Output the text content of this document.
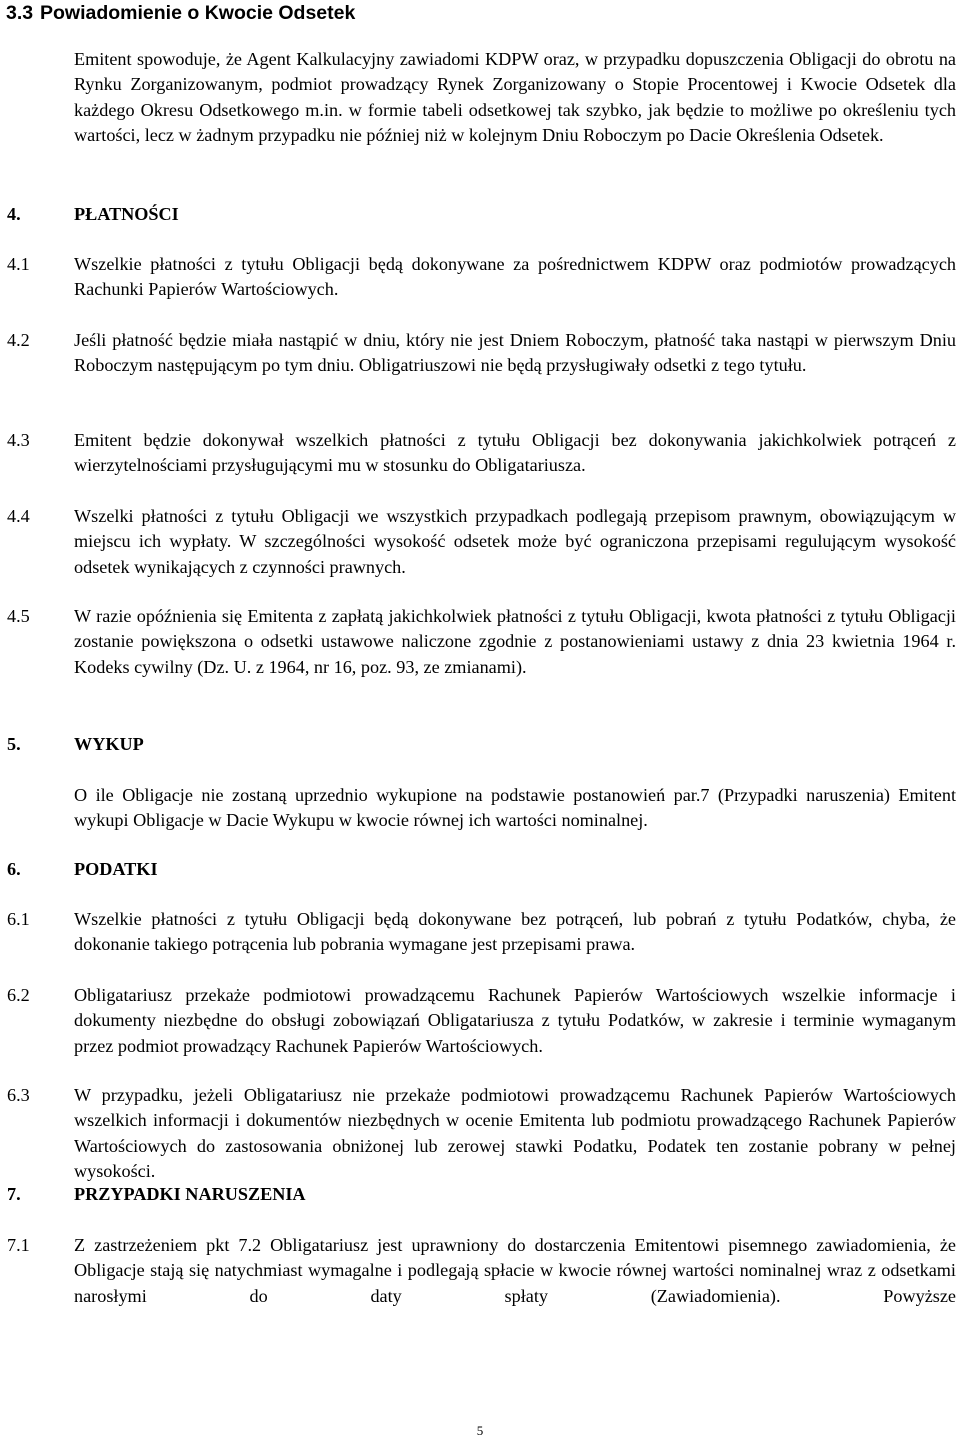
3.3 Powiadomienie o Kwocie Odsetek
Emitent spowoduje, że Agent Kalkulacyjny zawiadomi KDPW oraz, w przypadku dopuszczenia Obligacji do obrotu na Rynku Zorganizowanym, podmiot prowadzący Rynek Zorganizowany o Stopie Procentowej i Kwocie Odsetek dla każdego Okresu Odsetkowego m.in. w formie tabeli odsetkowej tak szybko, jak będzie to możliwe po określeniu tych wartości, lecz w żadnym przypadku nie później niż w kolejnym Dniu Roboczym po Dacie Określenia Odsetek.
4.	PŁATNOŚCI
4.1 Wszelkie płatności z tytułu Obligacji będą dokonywane za pośrednictwem KDPW oraz podmiotów prowadzących Rachunki Papierów Wartościowych.
4.2 Jeśli płatność będzie miała nastąpić w dniu, który nie jest Dniem Roboczym, płatność taka nastąpi w pierwszym Dniu Roboczym następującym po tym dniu. Obligatriuszowi nie będą przysługiwały odsetki z tego tytułu.
4.3 Emitent będzie dokonywał wszelkich płatności z tytułu Obligacji bez dokonywania jakichkolwiek potrąceń z wierzytelnościami przysługującymi mu w stosunku do Obligatariusza.
4.4 Wszelki płatności z tytułu Obligacji we wszystkich przypadkach podlegają przepisom prawnym, obowiązującym w miejscu ich wypłaty. W szczególności wysokość odsetek może być ograniczona przepisami regulującym wysokość odsetek wynikających z czynności prawnych.
4.5 W razie opóźnienia się Emitenta z zapłatą jakichkolwiek płatności z tytułu Obligacji, kwota płatności z tytułu Obligacji zostanie powiększona o odsetki ustawowe naliczone zgodnie z postanowieniami ustawy z dnia 23 kwietnia 1964 r. Kodeks cywilny (Dz. U. z 1964, nr 16, poz. 93, ze zmianami).
5.	WYKUP
O ile Obligacje nie zostaną uprzednio wykupione na podstawie postanowień par.7 (Przypadki naruszenia) Emitent wykupi Obligacje w Dacie Wykupu w kwocie równej ich wartości nominalnej.
6.	PODATKI
6.1 Wszelkie płatności z tytułu Obligacji będą dokonywane bez potrąceń, lub pobrań z tytułu Podatków, chyba, że dokonanie takiego potrącenia lub pobrania wymagane jest przepisami prawa.
6.2 Obligatariusz przekaże podmiotowi prowadzącemu Rachunek Papierów Wartościowych wszelkie informacje i dokumenty niezbędne do obsługi zobowiązań Obligatariusza z tytułu Podatków, w zakresie i terminie wymaganym przez podmiot prowadzący Rachunek Papierów Wartościowych.
6.3 W przypadku, jeżeli Obligatariusz nie przekaże podmiotowi prowadzącemu Rachunek Papierów Wartościowych wszelkich informacji i dokumentów niezbędnych w ocenie Emitenta lub podmiotu prowadzącego Rachunek Papierów Wartościowych do zastosowania obniżonej lub zerowej stawki Podatku, Podatek ten zostanie pobrany w pełnej wysokości.
7.	PRZYPADKI NARUSZENIA
7.1 Z zastrzeżeniem pkt 7.2 Obligatariusz jest uprawniony do dostarczenia Emitentowi pisemnego zawiadomienia, że Obligacje stają się natychmiast wymagalne i podlegają spłacie w kwocie równej wartości nominalnej wraz z odsetkami narosłymi do daty spłaty (Zawiadomienia). Powyższe
5
